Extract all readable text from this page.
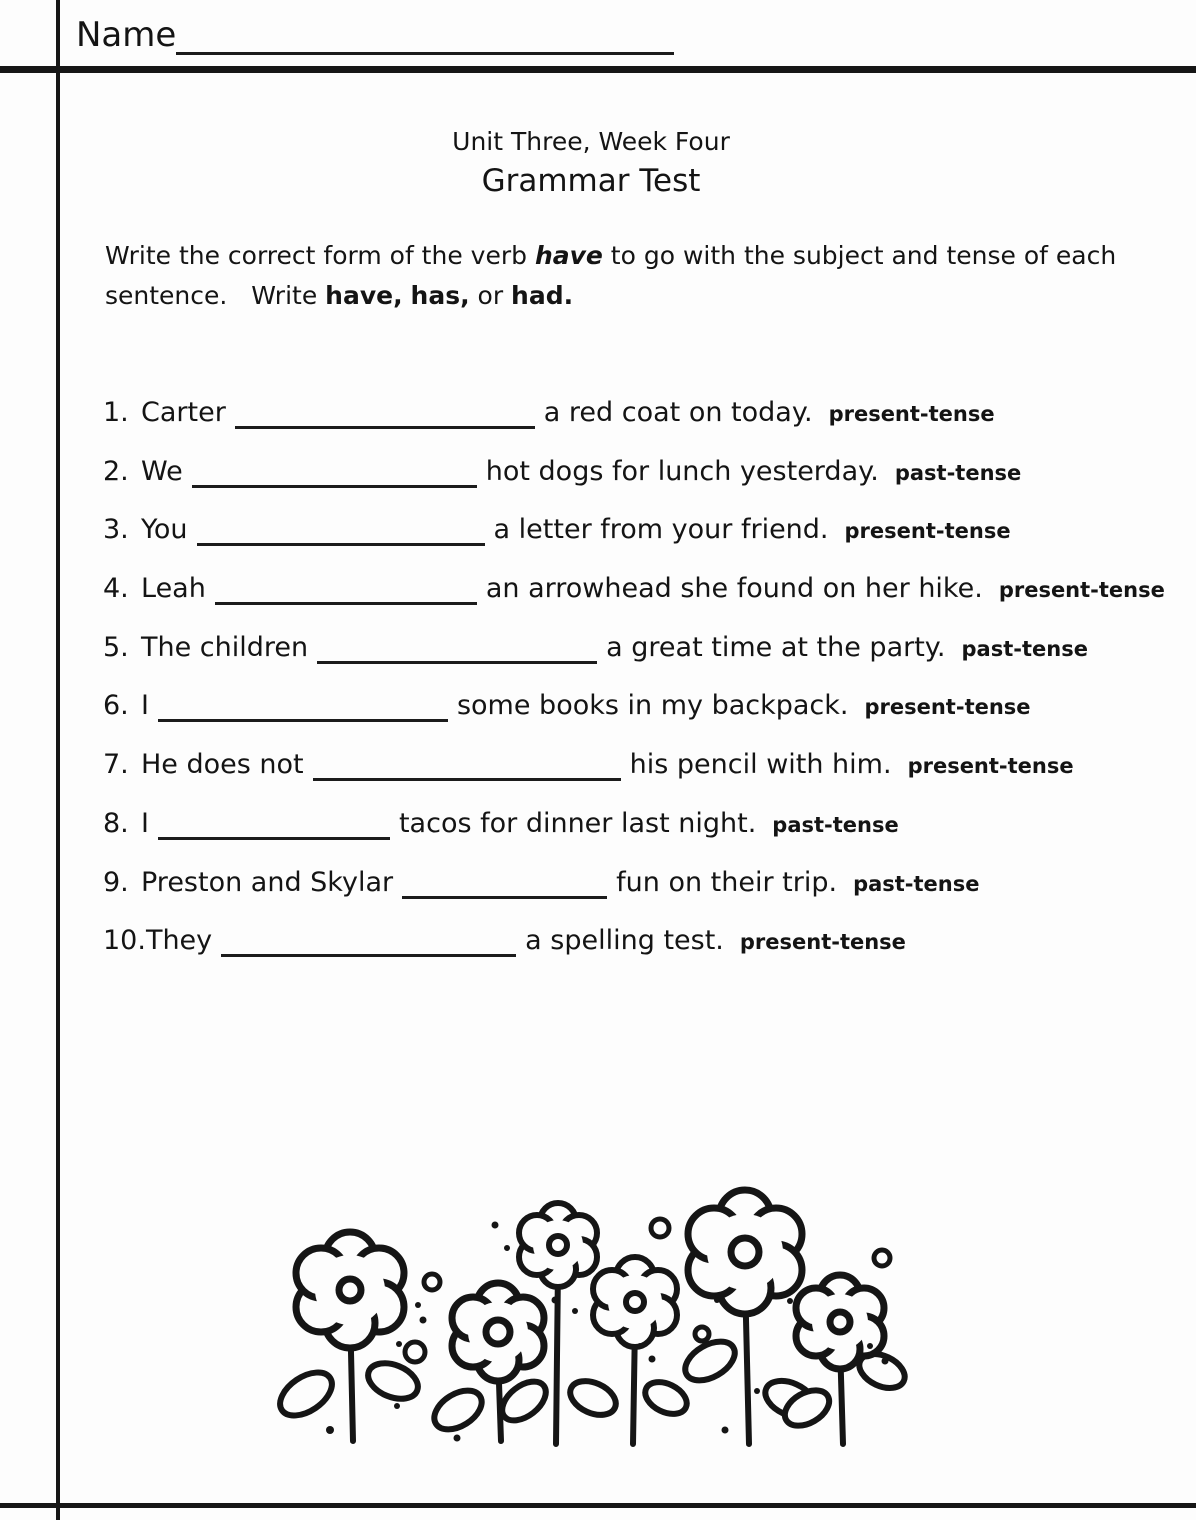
Name
Unit Three, Week Four
Grammar Test
Write the correct form of the verb have to go with the subject and tense of each sentence.   Write have, has, or had.
1. Carter	a red coat on today. present-tense
2. We	hot dogs for lunch yesterday. past-tense
3. You	a letter from your friend. present-tense
4. Leah	an arrowhead she found on her hike. present-tense
5. The children	a great time at the party. past-tense
6. I	some books in my backpack. present-tense
7. He does not	his pencil with him. present-tense
8. I	tacos for dinner last night. past-tense
9. Preston and Skylar	fun on their trip. past-tense
10.They	a spelling test. present-tense
